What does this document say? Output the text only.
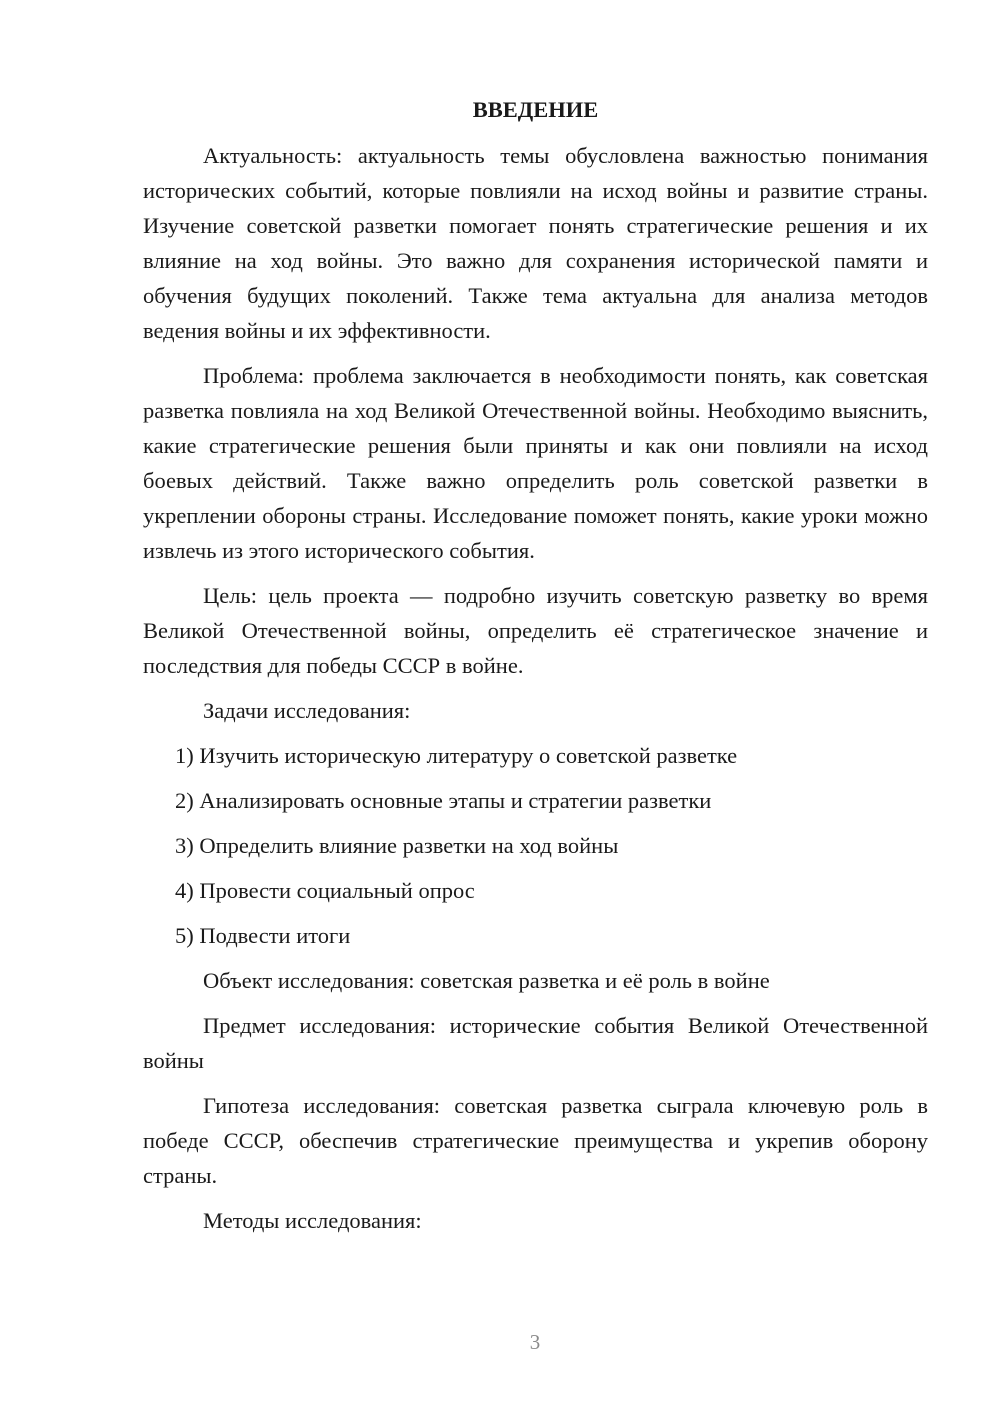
ВВЕДЕНИЕ

Актуальность: актуальность темы обусловлена важностью понимания исторических событий, которые повлияли на исход войны и развитие страны. Изучение советской разветки помогает понять стратегические решения и их влияние на ход войны. Это важно для сохранения исторической памяти и обучения будущих поколений. Также тема актуальна для анализа методов ведения войны и их эффективности.

Проблема: проблема заключается в необходимости понять, как советская разветка повлияла на ход Великой Отечественной войны. Необходимо выяснить, какие стратегические решения были приняты и как они повлияли на исход боевых действий. Также важно определить роль советской разветки в укреплении обороны страны. Исследование поможет понять, какие уроки можно извлечь из этого исторического события.

Цель: цель проекта — подробно изучить советскую разветку во время Великой Отечественной войны, определить её стратегическое значение и последствия для победы СССР в войне.

Задачи исследования:

1) Изучить историческую литературу о советской разветке
2) Анализировать основные этапы и стратегии разветки
3) Определить влияние разветки на ход войны
4) Провести социальный опрос
5) Подвести итоги

Объект исследования: советская разветка и её роль в войне

Предмет исследования: исторические события Великой Отечественной войны

Гипотеза исследования: советская разветка сыграла ключевую роль в победе СССР, обеспечив стратегические преимущества и укрепив оборону страны.

Методы исследования:

3
